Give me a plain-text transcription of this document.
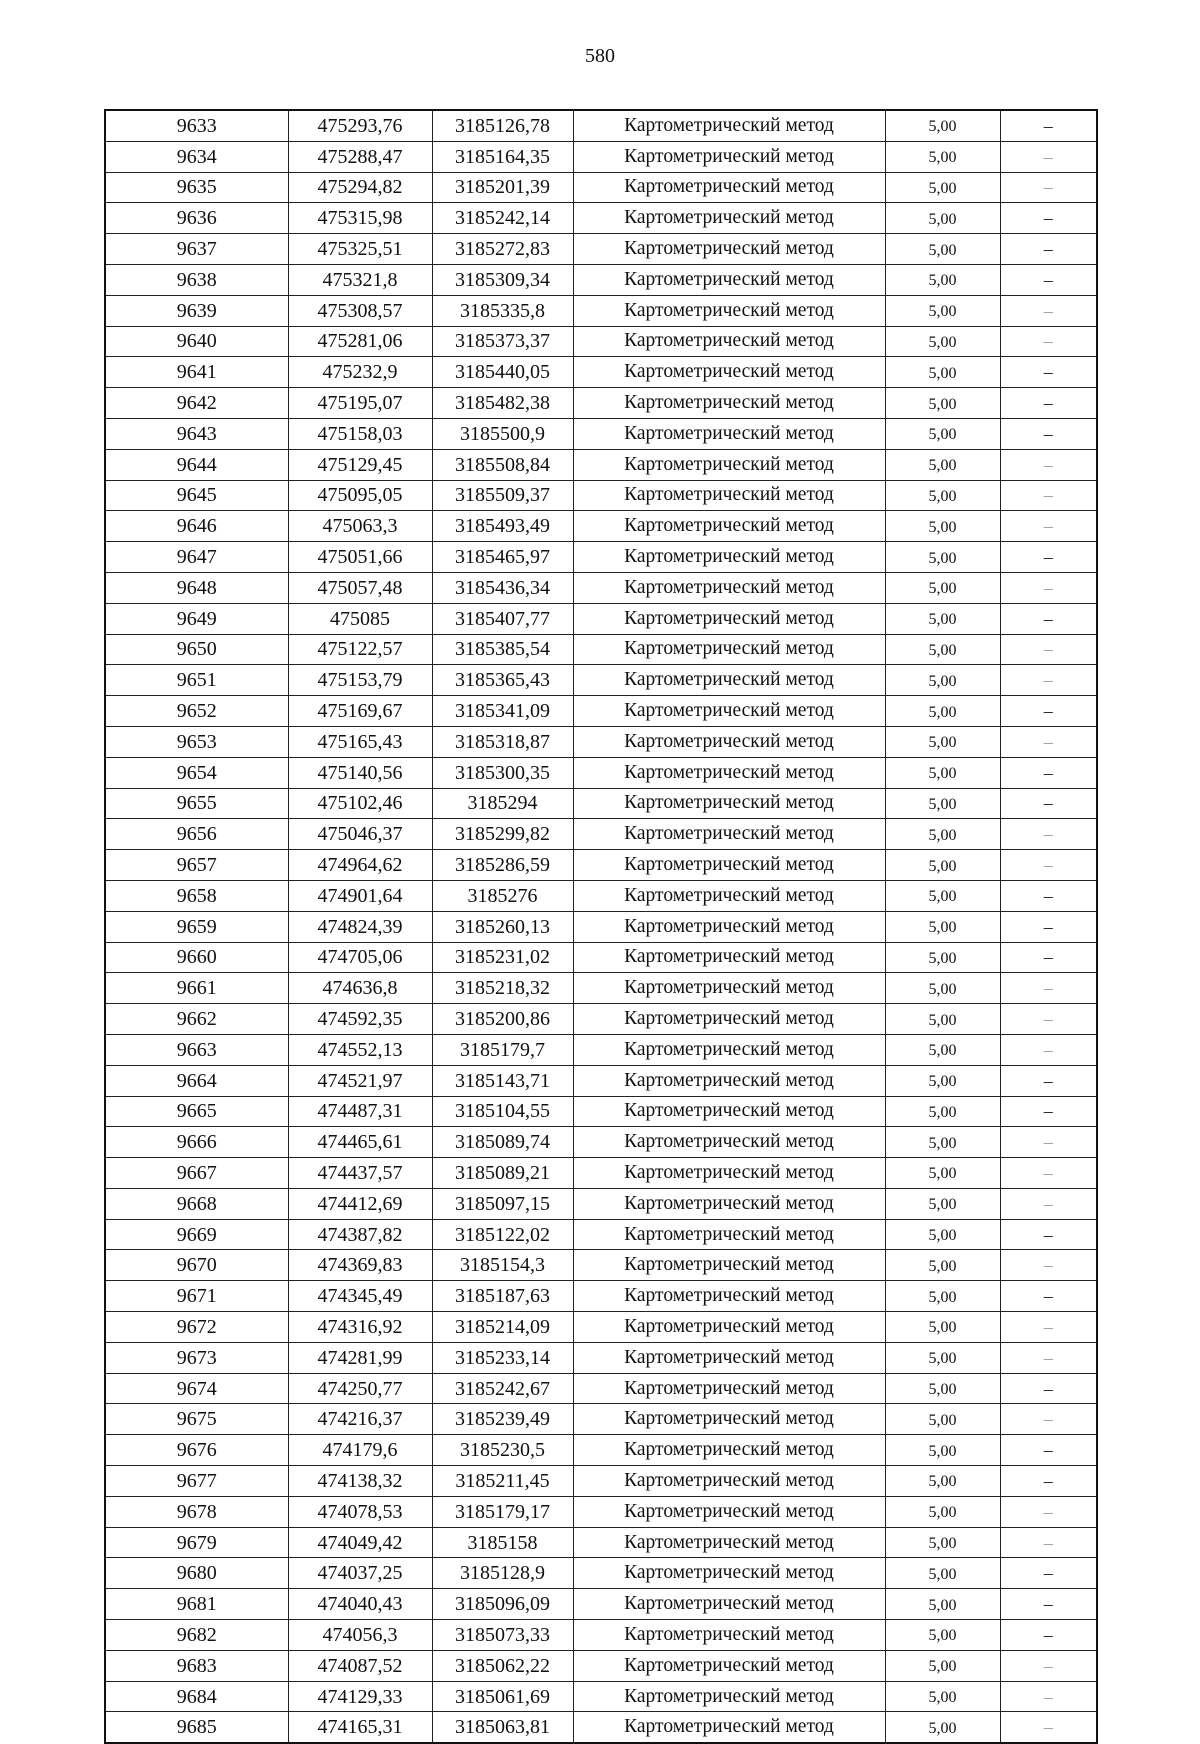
580
9633	475293,76	3185126,78	Картометрический метод	5,00	–
9634	475288,47	3185164,35	Картометрический метод	5,00	–
9635	475294,82	3185201,39	Картометрический метод	5,00	–
9636	475315,98	3185242,14	Картометрический метод	5,00	–
9637	475325,51	3185272,83	Картометрический метод	5,00	–
9638	475321,8	3185309,34	Картометрический метод	5,00	–
9639	475308,57	3185335,8	Картометрический метод	5,00	–
9640	475281,06	3185373,37	Картометрический метод	5,00	–
9641	475232,9	3185440,05	Картометрический метод	5,00	–
9642	475195,07	3185482,38	Картометрический метод	5,00	–
9643	475158,03	3185500,9	Картометрический метод	5,00	–
9644	475129,45	3185508,84	Картометрический метод	5,00	–
9645	475095,05	3185509,37	Картометрический метод	5,00	–
9646	475063,3	3185493,49	Картометрический метод	5,00	–
9647	475051,66	3185465,97	Картометрический метод	5,00	–
9648	475057,48	3185436,34	Картометрический метод	5,00	–
9649	475085	3185407,77	Картометрический метод	5,00	–
9650	475122,57	3185385,54	Картометрический метод	5,00	–
9651	475153,79	3185365,43	Картометрический метод	5,00	–
9652	475169,67	3185341,09	Картометрический метод	5,00	–
9653	475165,43	3185318,87	Картометрический метод	5,00	–
9654	475140,56	3185300,35	Картометрический метод	5,00	–
9655	475102,46	3185294	Картометрический метод	5,00	–
9656	475046,37	3185299,82	Картометрический метод	5,00	–
9657	474964,62	3185286,59	Картометрический метод	5,00	–
9658	474901,64	3185276	Картометрический метод	5,00	–
9659	474824,39	3185260,13	Картометрический метод	5,00	–
9660	474705,06	3185231,02	Картометрический метод	5,00	–
9661	474636,8	3185218,32	Картометрический метод	5,00	–
9662	474592,35	3185200,86	Картометрический метод	5,00	–
9663	474552,13	3185179,7	Картометрический метод	5,00	–
9664	474521,97	3185143,71	Картометрический метод	5,00	–
9665	474487,31	3185104,55	Картометрический метод	5,00	–
9666	474465,61	3185089,74	Картометрический метод	5,00	–
9667	474437,57	3185089,21	Картометрический метод	5,00	–
9668	474412,69	3185097,15	Картометрический метод	5,00	–
9669	474387,82	3185122,02	Картометрический метод	5,00	–
9670	474369,83	3185154,3	Картометрический метод	5,00	–
9671	474345,49	3185187,63	Картометрический метод	5,00	–
9672	474316,92	3185214,09	Картометрический метод	5,00	–
9673	474281,99	3185233,14	Картометрический метод	5,00	–
9674	474250,77	3185242,67	Картометрический метод	5,00	–
9675	474216,37	3185239,49	Картометрический метод	5,00	–
9676	474179,6	3185230,5	Картометрический метод	5,00	–
9677	474138,32	3185211,45	Картометрический метод	5,00	–
9678	474078,53	3185179,17	Картометрический метод	5,00	–
9679	474049,42	3185158	Картометрический метод	5,00	–
9680	474037,25	3185128,9	Картометрический метод	5,00	–
9681	474040,43	3185096,09	Картометрический метод	5,00	–
9682	474056,3	3185073,33	Картометрический метод	5,00	–
9683	474087,52	3185062,22	Картометрический метод	5,00	–
9684	474129,33	3185061,69	Картометрический метод	5,00	–
9685	474165,31	3185063,81	Картометрический метод	5,00	–
